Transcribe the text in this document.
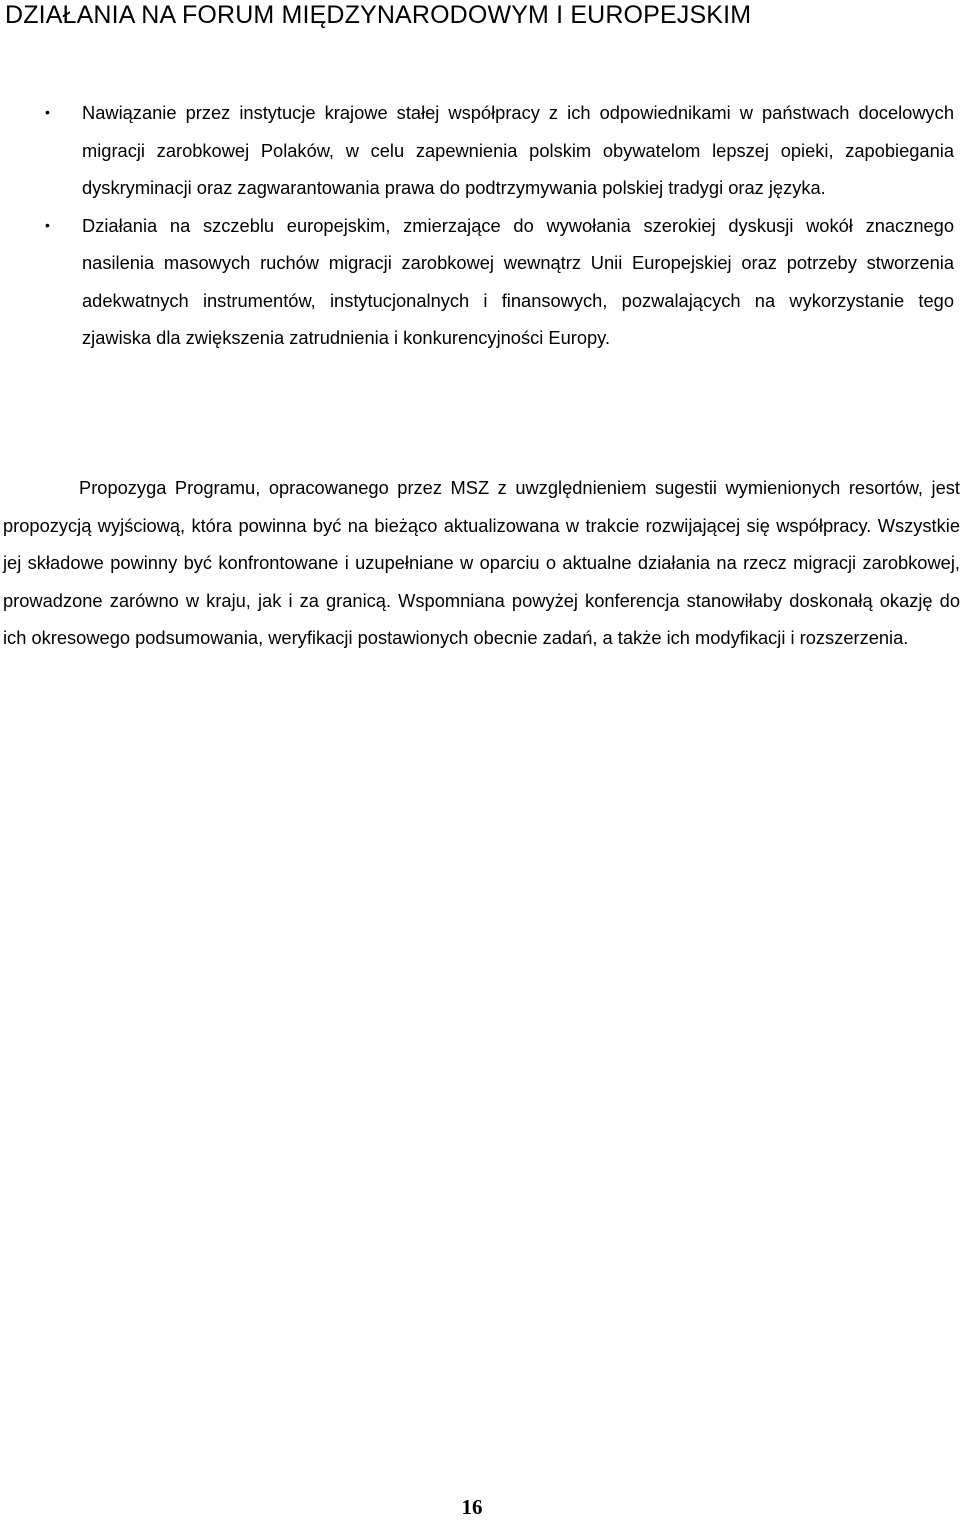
DZIAŁANIA NA FORUM MIĘDZYNARODOWYM I EUROPEJSKIM
• Nawiązanie przez instytucje krajowe stałej współpracy z ich odpowiednikami w państwach docelowych migracji zarobkowej Polaków, w celu zapewnienia polskim obywatelom lepszej opieki, zapobiegania dyskryminacji oraz zagwarantowania prawa do podtrzymywania polskiej tradygi oraz języka.
• Działania na szczeblu europejskim, zmierzające do wywołania szerokiej dyskusji wokół znacznego nasilenia masowych ruchów migracji zarobkowej wewnątrz Unii Europejskiej oraz potrzeby stworzenia adekwatnych instrumentów, instytucjonalnych i finansowych, pozwalających na wykorzystanie tego zjawiska dla zwiększenia zatrudnienia i konkurencyjności Europy.

Propozyga Programu, opracowanego przez MSZ z uwzględnieniem sugestii wymienionych resortów, jest propozycją wyjściową, która powinna być na bieżąco aktualizowana w trakcie rozwijającej się współpracy. Wszystkie jej składowe powinny być konfrontowane i uzupełniane w oparciu o aktualne działania na rzecz migracji zarobkowej, prowadzone zarówno w kraju, jak i za granicą. Wspomniana powyżej konferencja stanowiłaby doskonałą okazję do ich okresowego podsumowania, weryfikacji postawionych obecnie zadań, a także ich modyfikacji i rozszerzenia.

16
